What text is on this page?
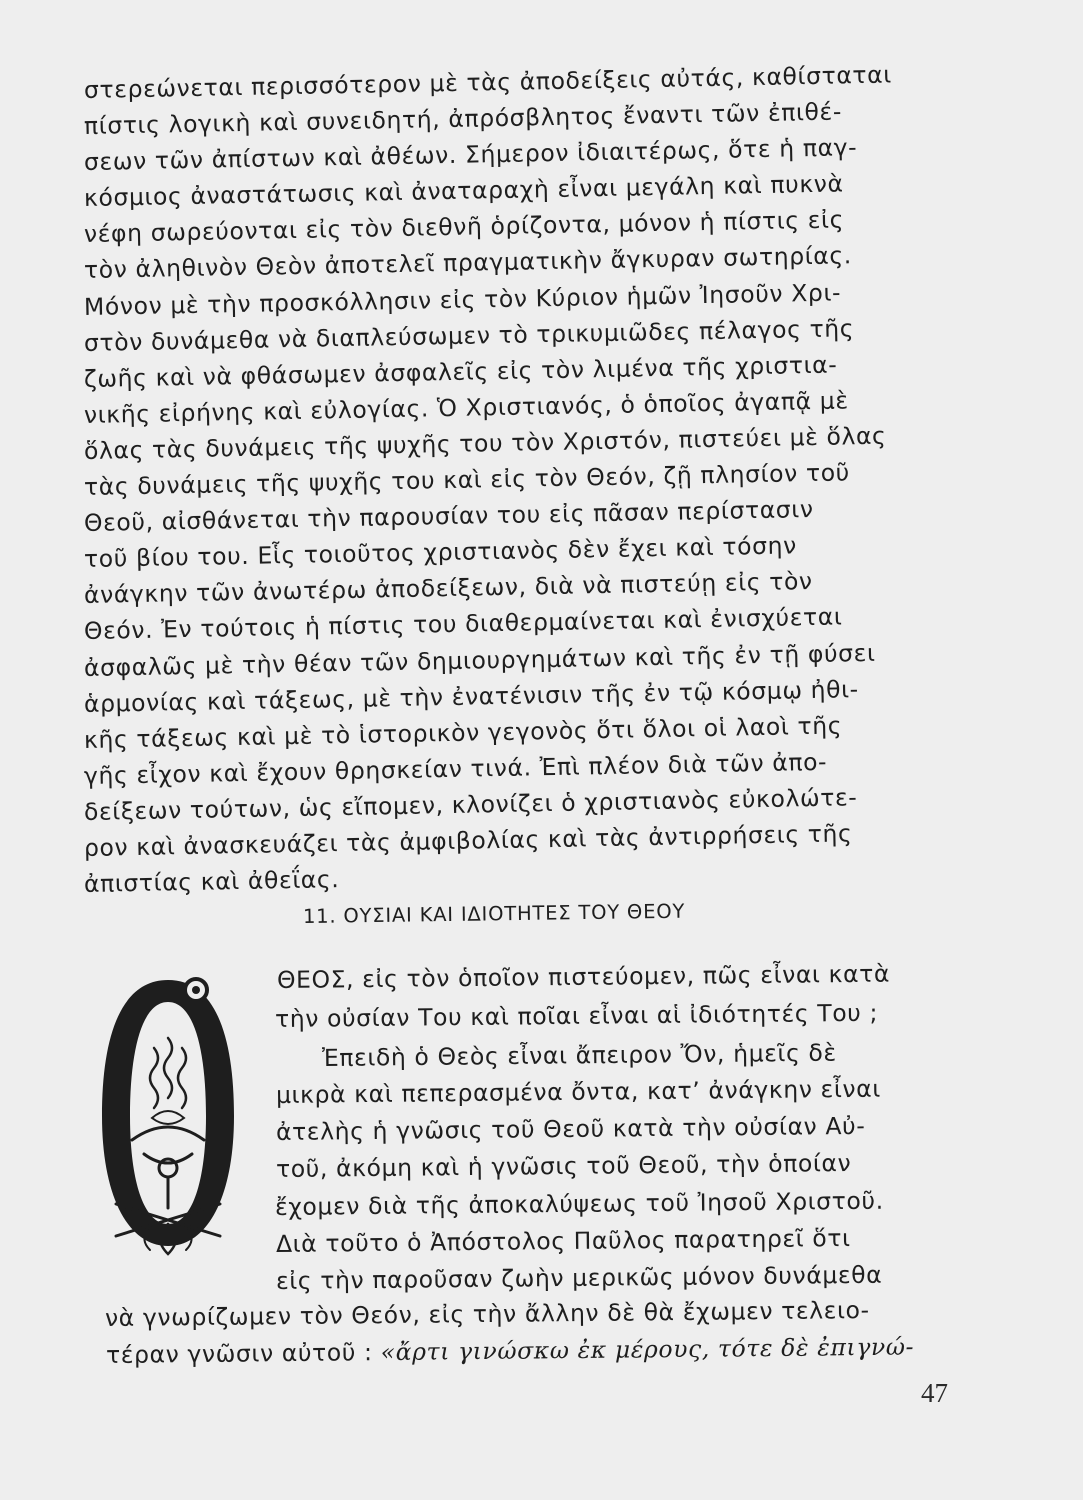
στερεώνεται περισσότερον μὲ τὰς ἀποδείξεις αὐτάς, καθίσταται
πίστις λογικὴ καὶ συνειδητή, ἀπρόσβλητος ἔναντι τῶν ἐπιθέ-
σεων τῶν ἀπίστων καὶ ἀθέων. Σήμερον ἰδιαιτέρως, ὅτε ἡ παγ-
κόσμιος ἀναστάτωσις καὶ ἀναταραχὴ εἶναι μεγάλη καὶ πυκνὰ
νέφη σωρεύονται εἰς τὸν διεθνῆ ὁρίζοντα, μόνον ἡ πίστις εἰς
τὸν ἀληθινὸν Θεὸν ἀποτελεῖ πραγματικὴν ἄγκυραν σωτηρίας.
Μόνον μὲ τὴν προσκόλλησιν εἰς τὸν Κύριον ἡμῶν Ἰησοῦν Χρι-
στὸν δυνάμεθα νὰ διαπλεύσωμεν τὸ τρικυμιῶδες πέλαγος τῆς
ζωῆς καὶ νὰ φθάσωμεν ἀσφαλεῖς εἰς τὸν λιμένα τῆς χριστια-
νικῆς εἰρήνης καὶ εὐλογίας. Ὁ Χριστιανός, ὁ ὁποῖος ἀγαπᾷ μὲ
ὅλας τὰς δυνάμεις τῆς ψυχῆς του τὸν Χριστόν, πιστεύει μὲ ὅλας
τὰς δυνάμεις τῆς ψυχῆς του καὶ εἰς τὸν Θεόν, ζῇ πλησίον τοῦ
Θεοῦ, αἰσθάνεται τὴν παρουσίαν του εἰς πᾶσαν περίστασιν
τοῦ βίου του. Εἷς τοιοῦτος χριστιανὸς δὲν ἔχει καὶ τόσην
ἀνάγκην τῶν ἀνωτέρω ἀποδείξεων, διὰ νὰ πιστεύῃ εἰς τὸν
Θεόν. Ἐν τούτοις ἡ πίστις του διαθερμαίνεται καὶ ἐνισχύεται
ἀσφαλῶς μὲ τὴν θέαν τῶν δημιουργημάτων καὶ τῆς ἐν τῇ φύσει
ἁρμονίας καὶ τάξεως, μὲ τὴν ἐνατένισιν τῆς ἐν τῷ κόσμῳ ἠθι-
κῆς τάξεως καὶ μὲ τὸ ἱστορικὸν γεγονὸς ὅτι ὅλοι οἱ λαοὶ τῆς
γῆς εἶχον καὶ ἔχουν θρησκείαν τινά. Ἐπὶ πλέον διὰ τῶν ἀπο-
δείξεων τούτων, ὡς εἴπομεν, κλονίζει ὁ χριστιανὸς εὐκολώτε-
ρον καὶ ἀνασκευάζει τὰς ἀμφιβολίας καὶ τὰς ἀντιρρήσεις τῆς
ἀπιστίας καὶ ἀθεΐας.
11. ΟΥΣΙΑΙ ΚΑΙ ΙΔΙΟΤΗΤΕΣ ΤΟΥ ΘΕΟΥ
ΘΕΟΣ, εἰς τὸν ὁποῖον πιστεύομεν, πῶς εἶναι κατὰ
τὴν οὐσίαν Του καὶ ποῖαι εἶναι αἱ ἰδιότητές Του ;
Ἐπειδὴ ὁ Θεὸς εἶναι ἄπειρον Ὄν, ἡμεῖς δὲ
μικρὰ καὶ πεπερασμένα ὄντα, κατ’ ἀνάγκην εἶναι
ἀτελὴς ἡ γνῶσις τοῦ Θεοῦ κατὰ τὴν οὐσίαν Αὐ-
τοῦ, ἀκόμη καὶ ἡ γνῶσις τοῦ Θεοῦ, τὴν ὁποίαν
ἔχομεν διὰ τῆς ἀποκαλύψεως τοῦ Ἰησοῦ Χριστοῦ.
Διὰ τοῦτο ὁ Ἀπόστολος Παῦλος παρατηρεῖ ὅτι
εἰς τὴν παροῦσαν ζωὴν μερικῶς μόνον δυνάμεθα
νὰ γνωρίζωμεν τὸν Θεόν, εἰς τὴν ἄλλην δὲ θὰ ἔχωμεν τελειο-
τέραν γνῶσιν αὐτοῦ : «ἄρτι γινώσκω ἐκ μέρους, τότε δὲ ἐπιγνώ-
47
